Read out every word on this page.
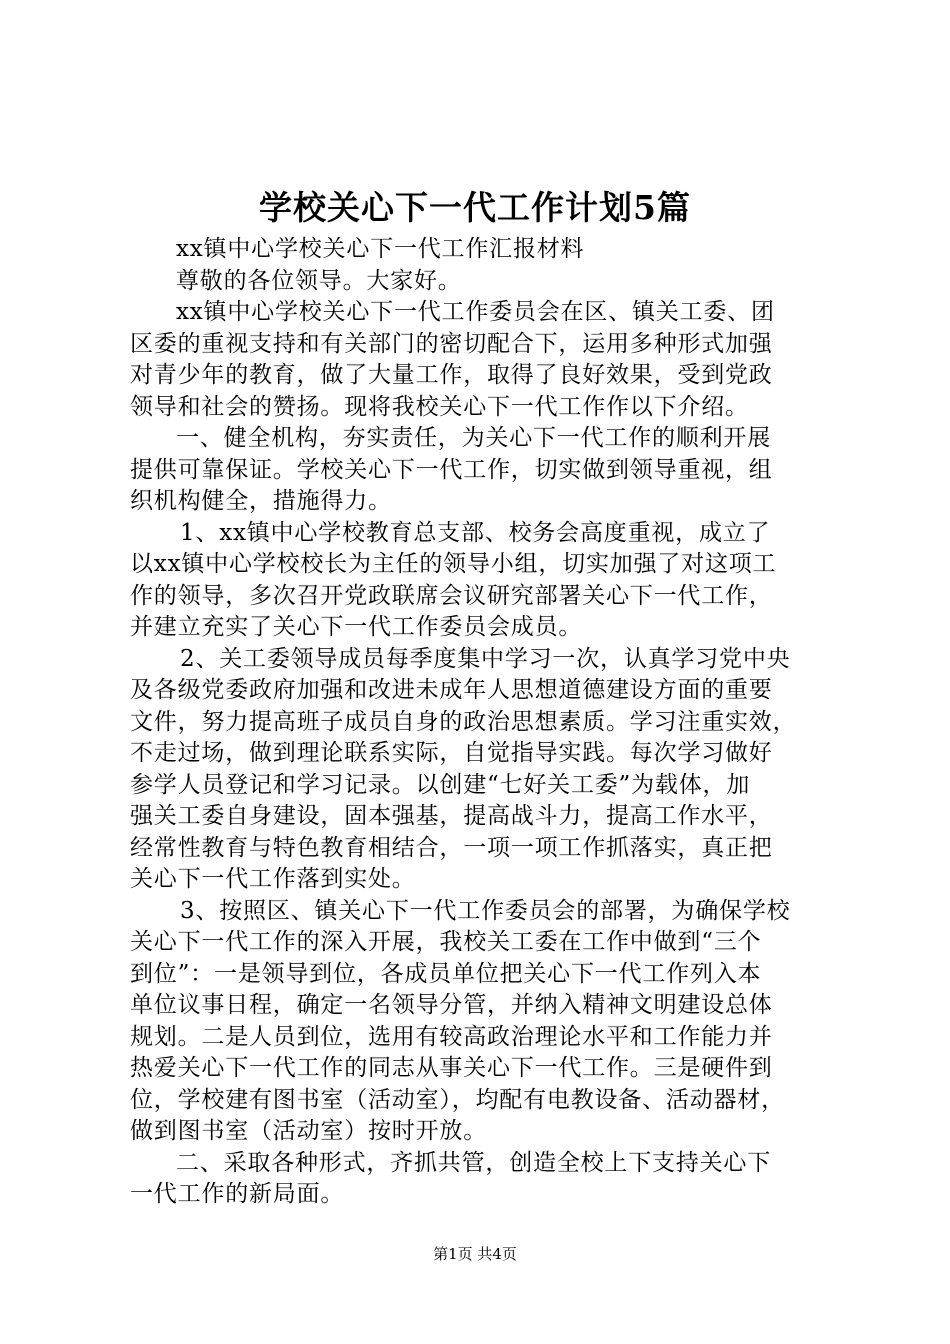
学校关心下一代工作计划5篇
xx镇中心学校关心下一代工作汇报材料
尊敬的各位领导。大家好。
xx镇中心学校关心下一代工作委员会在区、镇关工委、团
区委的重视支持和有关部门的密切配合下，运用多种形式加强
对青少年的教育，做了大量工作，取得了良好效果，受到党政
领导和社会的赞扬。现将我校关心下一代工作作以下介绍。
一、健全机构，夯实责任，为关心下一代工作的顺利开展
提供可靠保证。学校关心下一代工作，切实做到领导重视，组
织机构健全，措施得力。
1、xx镇中心学校教育总支部、校务会高度重视，成立了
以xx镇中心学校校长为主任的领导小组，切实加强了对这项工
作的领导，多次召开党政联席会议研究部署关心下一代工作，
并建立充实了关心下一代工作委员会成员。
2、关工委领导成员每季度集中学习一次，认真学习党中央
及各级党委政府加强和改进未成年人思想道德建设方面的重要
文件，努力提高班子成员自身的政治思想素质。学习注重实效，
不走过场，做到理论联系实际，自觉指导实践。每次学习做好
参学人员登记和学习记录。以创建“七好关工委”为载体，加
强关工委自身建设，固本强基，提高战斗力，提高工作水平，
经常性教育与特色教育相结合，一项一项工作抓落实，真正把
关心下一代工作落到实处。
3、按照区、镇关心下一代工作委员会的部署，为确保学校
关心下一代工作的深入开展，我校关工委在工作中做到“三个
到位”：一是领导到位，各成员单位把关心下一代工作列入本
单位议事日程，确定一名领导分管，并纳入精神文明建设总体
规划。二是人员到位，选用有较高政治理论水平和工作能力并
热爱关心下一代工作的同志从事关心下一代工作。三是硬件到
位，学校建有图书室（活动室），均配有电教设备、活动器材，
做到图书室（活动室）按时开放。
二、采取各种形式，齐抓共管，创造全校上下支持关心下
一代工作的新局面。
第1页 共4页
